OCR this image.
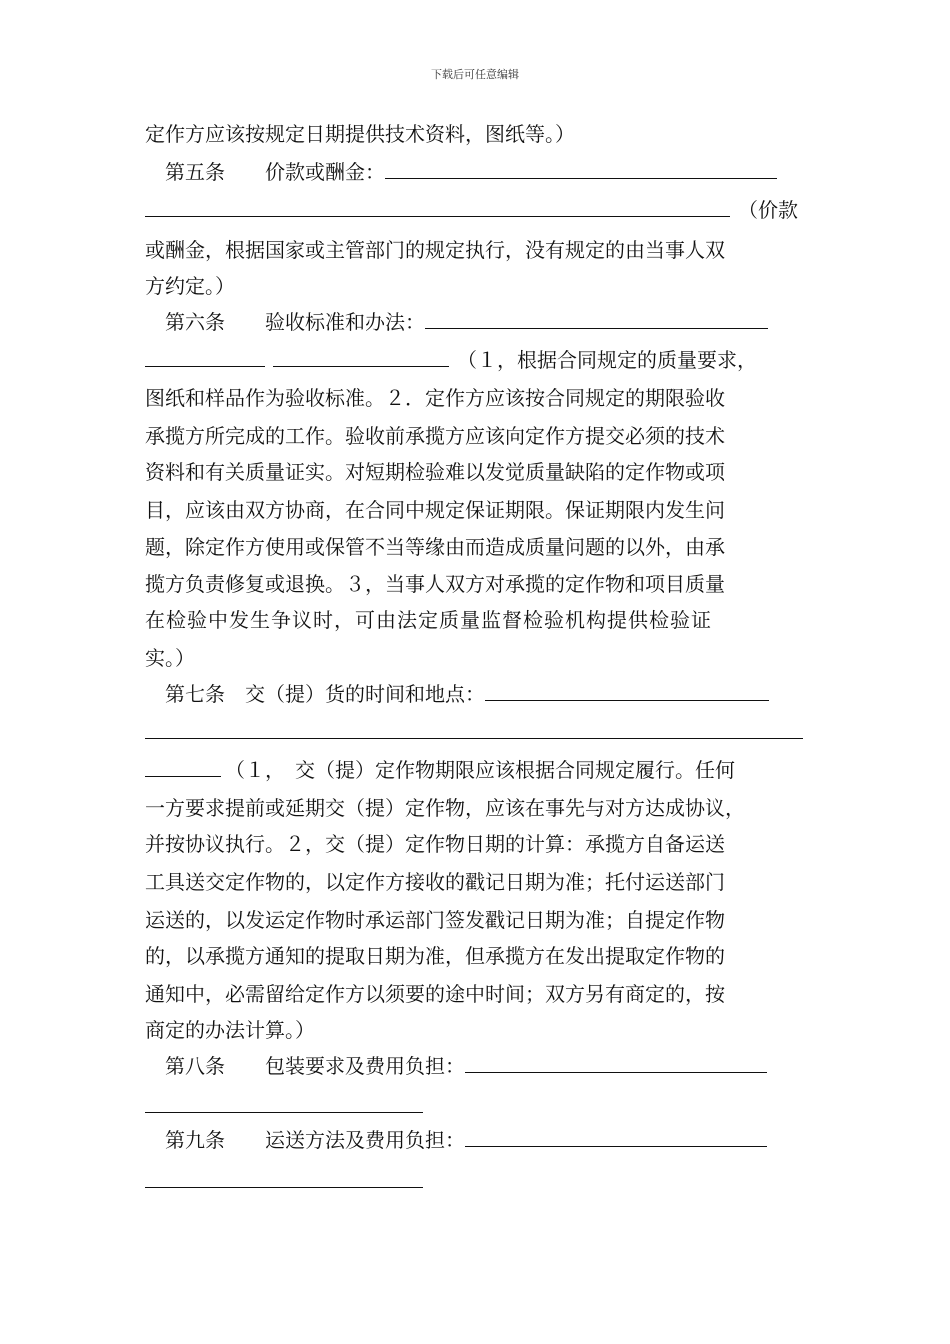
下载后可任意编辑
定作方应该按规定日期提供技术资料，图纸等。）
第五条　　价款或酬金：
（价款
或酬金，根据国家或主管部门的规定执行，没有规定的由当事人双
方约定。）
第六条　　验收标准和办法：
（１，根据合同规定的质量要求，
图纸和样品作为验收标准。２．定作方应该按合同规定的期限验收
承揽方所完成的工作。验收前承揽方应该向定作方提交必须的技术
资料和有关质量证实。对短期检验难以发觉质量缺陷的定作物或项
目，应该由双方协商，在合同中规定保证期限。保证期限内发生问
题，除定作方使用或保管不当等缘由而造成质量问题的以外，由承
揽方负责修复或退换。３，当事人双方对承揽的定作物和项目质量
在检验中发生争议时，可由法定质量监督检验机构提供检验证
实。）
第七条　交（提）货的时间和地点：
（１，　交（提）定作物期限应该根据合同规定履行。任何
一方要求提前或延期交（提）定作物，应该在事先与对方达成协议，
并按协议执行。２，交（提）定作物日期的计算：承揽方自备运送
工具送交定作物的，以定作方接收的戳记日期为准；托付运送部门
运送的，以发运定作物时承运部门签发戳记日期为准；自提定作物
的，以承揽方通知的提取日期为准，但承揽方在发出提取定作物的
通知中，必需留给定作方以须要的途中时间；双方另有商定的，按
商定的办法计算。）
第八条　　包装要求及费用负担：
第九条　　运送方法及费用负担：
